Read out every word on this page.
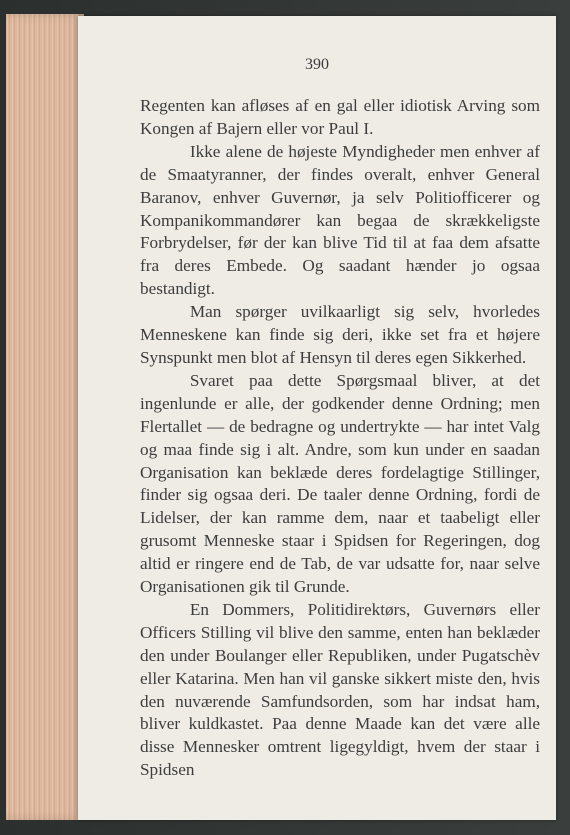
390

Regenten kan afløses af en gal eller idiotisk Arving som Kongen af Bajern eller vor Paul I.

Ikke alene de højeste Myndigheder men enhver af de Smaatyranner, der findes overalt, enhver General Baranov, enhver Guvernør, ja selv Politiofficerer og Kompanikommandører kan begaa de skrækkeligste Forbrydelser, før der kan blive Tid til at faa dem afsatte fra deres Embede. Og saadant hænder jo ogsaa bestandigt.

Man spørger uvilkaarligt sig selv, hvorledes Menneskene kan finde sig deri, ikke set fra et højere Synspunkt men blot af Hensyn til deres egen Sikkerhed.

Svaret paa dette Spørgsmaal bliver, at det ingenlunde er alle, der godkender denne Ordning; men Flertallet — de bedragne og undertrykte — har intet Valg og maa finde sig i alt. Andre, som kun under en saadan Organisation kan beklæde deres fordelagtige Stillinger, finder sig ogsaa deri. De taaler denne Ordning, fordi de Lidelser, der kan ramme dem, naar et taabeligt eller grusomt Menneske staar i Spidsen for Regeringen, dog altid er ringere end de Tab, de var udsatte for, naar selve Organisationen gik til Grunde.

En Dommers, Politidirektørs, Guvernørs eller Officers Stilling vil blive den samme, enten han beklæder den under Boulanger eller Republiken, under Pugatschèv eller Katarina. Men han vil ganske sikkert miste den, hvis den nuværende Samfundsorden, som har indsat ham, bliver kuldkastet. Paa denne Maade kan det være alle disse Mennesker omtrent ligegyldigt, hvem der staar i Spidsen
